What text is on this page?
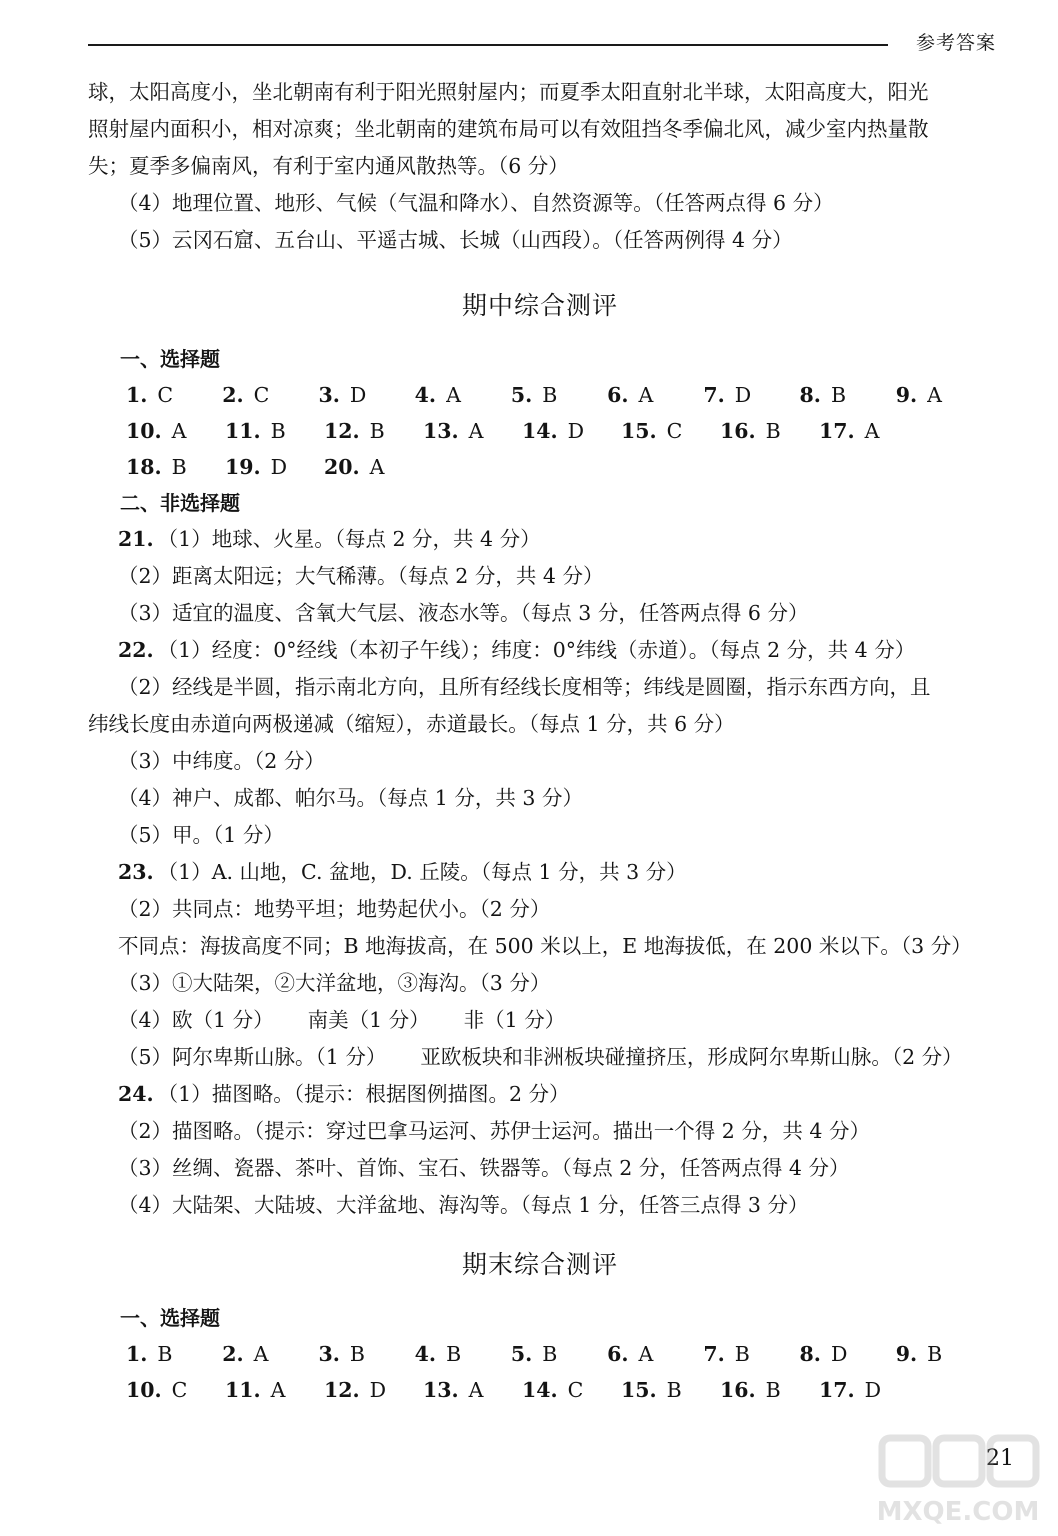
参考答案
球，太阳高度小，坐北朝南有利于阳光照射屋内；而夏季太阳直射北半球，太阳高度大，阳光
照射屋内面积小，相对凉爽；坐北朝南的建筑布局可以有效阻挡冬季偏北风，减少室内热量散
失；夏季多偏南风，有利于室内通风散热等。（6 分）
（4）地理位置、地形、气候（气温和降水）、自然资源等。（任答两点得 6 分）
（5）云冈石窟、五台山、平遥古城、长城（山西段）。（任答两例得 4 分）
期中综合测评
一、选择题
1. C	2. C	3. D	4. A	5. B	6. A	7. D	8. B	9. A
10. A	11. B	12. B	13. A	14. D	15. C	16. B	17. A
18. B	19. D	20. A
二、非选择题
21. （1）地球、火星。（每点 2 分，共 4 分）
（2）距离太阳远；大气稀薄。（每点 2 分，共 4 分）
（3）适宜的温度、含氧大气层、液态水等。（每点 3 分，任答两点得 6 分）
22. （1）经度：0°经线（本初子午线）；纬度：0°纬线（赤道）。（每点 2 分，共 4 分）
（2）经线是半圆，指示南北方向，且所有经线长度相等；纬线是圆圈，指示东西方向，且
纬线长度由赤道向两极递减（缩短），赤道最长。（每点 1 分，共 6 分）
（3）中纬度。（2 分）
（4）神户、成都、帕尔马。（每点 1 分，共 3 分）
（5）甲。（1 分）
23. （1）A. 山地，C. 盆地，D. 丘陵。（每点 1 分，共 3 分）
（2）共同点：地势平坦；地势起伏小。（2 分）
不同点：海拔高度不同；B 地海拔高，在 500 米以上，E 地海拔低，在 200 米以下。（3 分）
（3）①大陆架，②大洋盆地，③海沟。（3 分）
（4）欧（1 分） 南美（1 分） 非（1 分）
（5）阿尔卑斯山脉。（1 分） 亚欧板块和非洲板块碰撞挤压，形成阿尔卑斯山脉。（2 分）
24. （1）描图略。（提示：根据图例描图。2 分）
（2）描图略。（提示：穿过巴拿马运河、苏伊士运河。描出一个得 2 分，共 4 分）
（3）丝绸、瓷器、茶叶、首饰、宝石、铁器等。（每点 2 分，任答两点得 4 分）
（4）大陆架、大陆坡、大洋盆地、海沟等。（每点 1 分，任答三点得 3 分）
期末综合测评
一、选择题
1. B	2. A	3. B	4. B	5. B	6. A	7. B	8. D	9. B
10. C	11. A	12. D	13. A	14. C	15. B	16. B	17. D
21
MXQE.COM
